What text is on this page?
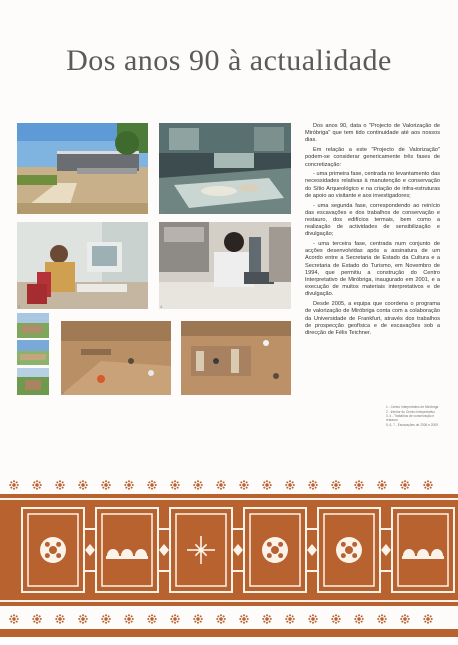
Dos anos 90 à actualidade
1	2
3	4
5
6	7

Dos anos 90, data o "Projecto de Valorização de Miróbriga" que tem tido continuidade até aos nossos dias.

Em relação a este "Projecto de Valorização" podem-se considerar genericamente três fases de concretização:

- uma primeira fase, centrada no levantamento das necessidades relativas à manutenção e conservação do Sítio Arqueológico e na criação de infra-estruturas de apoio ao visitante e aos investigadores;

- uma segunda fase, correspondendo ao reinício das escavações e dos trabalhos de conservação e restauro, dos edifícios termais, bem como a realização de actividades de sensibilização e divulgação;

- uma terceira fase, centrada num conjunto de acções desenvolvidas após a assinatura de um Acordo entre a Secretaria de Estado da Cultura e a Secretaria de Estado do Turismo, em Novembro de 1994, que permitiu a construção do Centro Interpretativo de Miróbriga, inaugurado em 2001, e a execução de muitos materiais interpretativos e de divulgação.

Desde 2005, a equipa que coordena o programa de valorização de Miróbriga conta com a colaboração da Universidade de Frankfurt, através dos trabalhos de prospecção geofísica e de escavações sob a direcção de Félix Teichner.

1 - Centro Interpretativo de Miróbriga
2 - Interior do Centro Interpretativo
3, 4 - Trabalhos de conservação e restauro
5, 6, 7 - Escavações de 2006 e 2009
